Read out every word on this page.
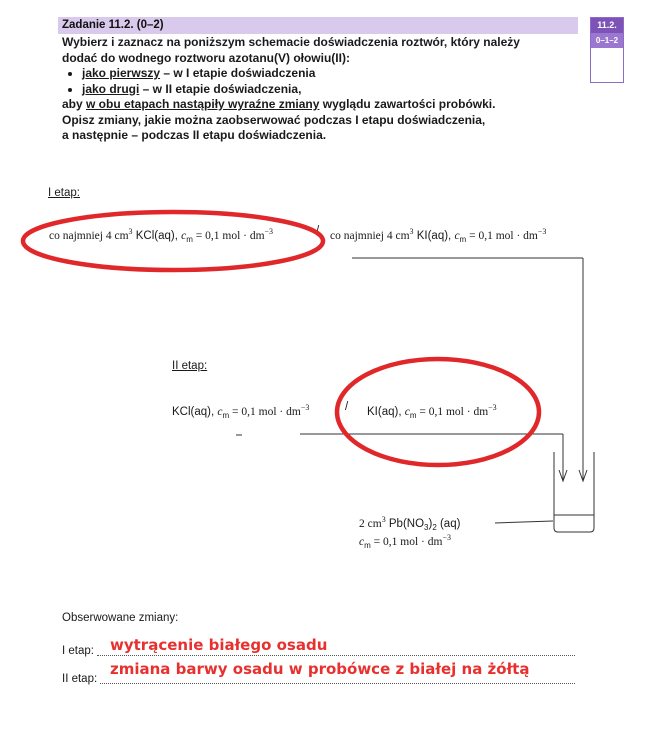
Zadanie 11.2. (0–2)	11.2.
0–1–2

Wybierz i zaznacz na poniższym schemacie doświadczenia roztwór, który należy

dodać do wodnego roztworu azotanu(V) ołowiu(II):

• jako pierwszy – w I etapie doświadczenia
• jako drugi – w II etapie doświadczenia,

aby w obu etapach nastąpiły wyraźne zmiany wyglądu zawartości probówki.

Opisz zmiany, jakie można zaobserwować podczas I etapu doświadczenia,

a następnie – podczas II etapu doświadczenia.

I etap:
co najmniej 4 $cm^3$ KCl(aq), $c_m = 0,1$ mol · $dm^{-3}$	/ co najmniej 4 $cm^3$ KI(aq), $c_m = 0,1$ mol · $dm^{-3}$
II etap:
KCl(aq), $c_m = 0,1$ mol · $dm^{-3}$	/ KI(aq), $c_m = 0,1$ mol · $dm^{-3}$
2 $cm^3$ $Pb(NO_3)_2$ (aq)
$c_m = 0,1$ mol · $dm^{-3}$
Obserwowane zmiany:
I etap: wytrącenie białego osadu
II etap:
zmiana barwy osadu w probówce z białej na żółtą
